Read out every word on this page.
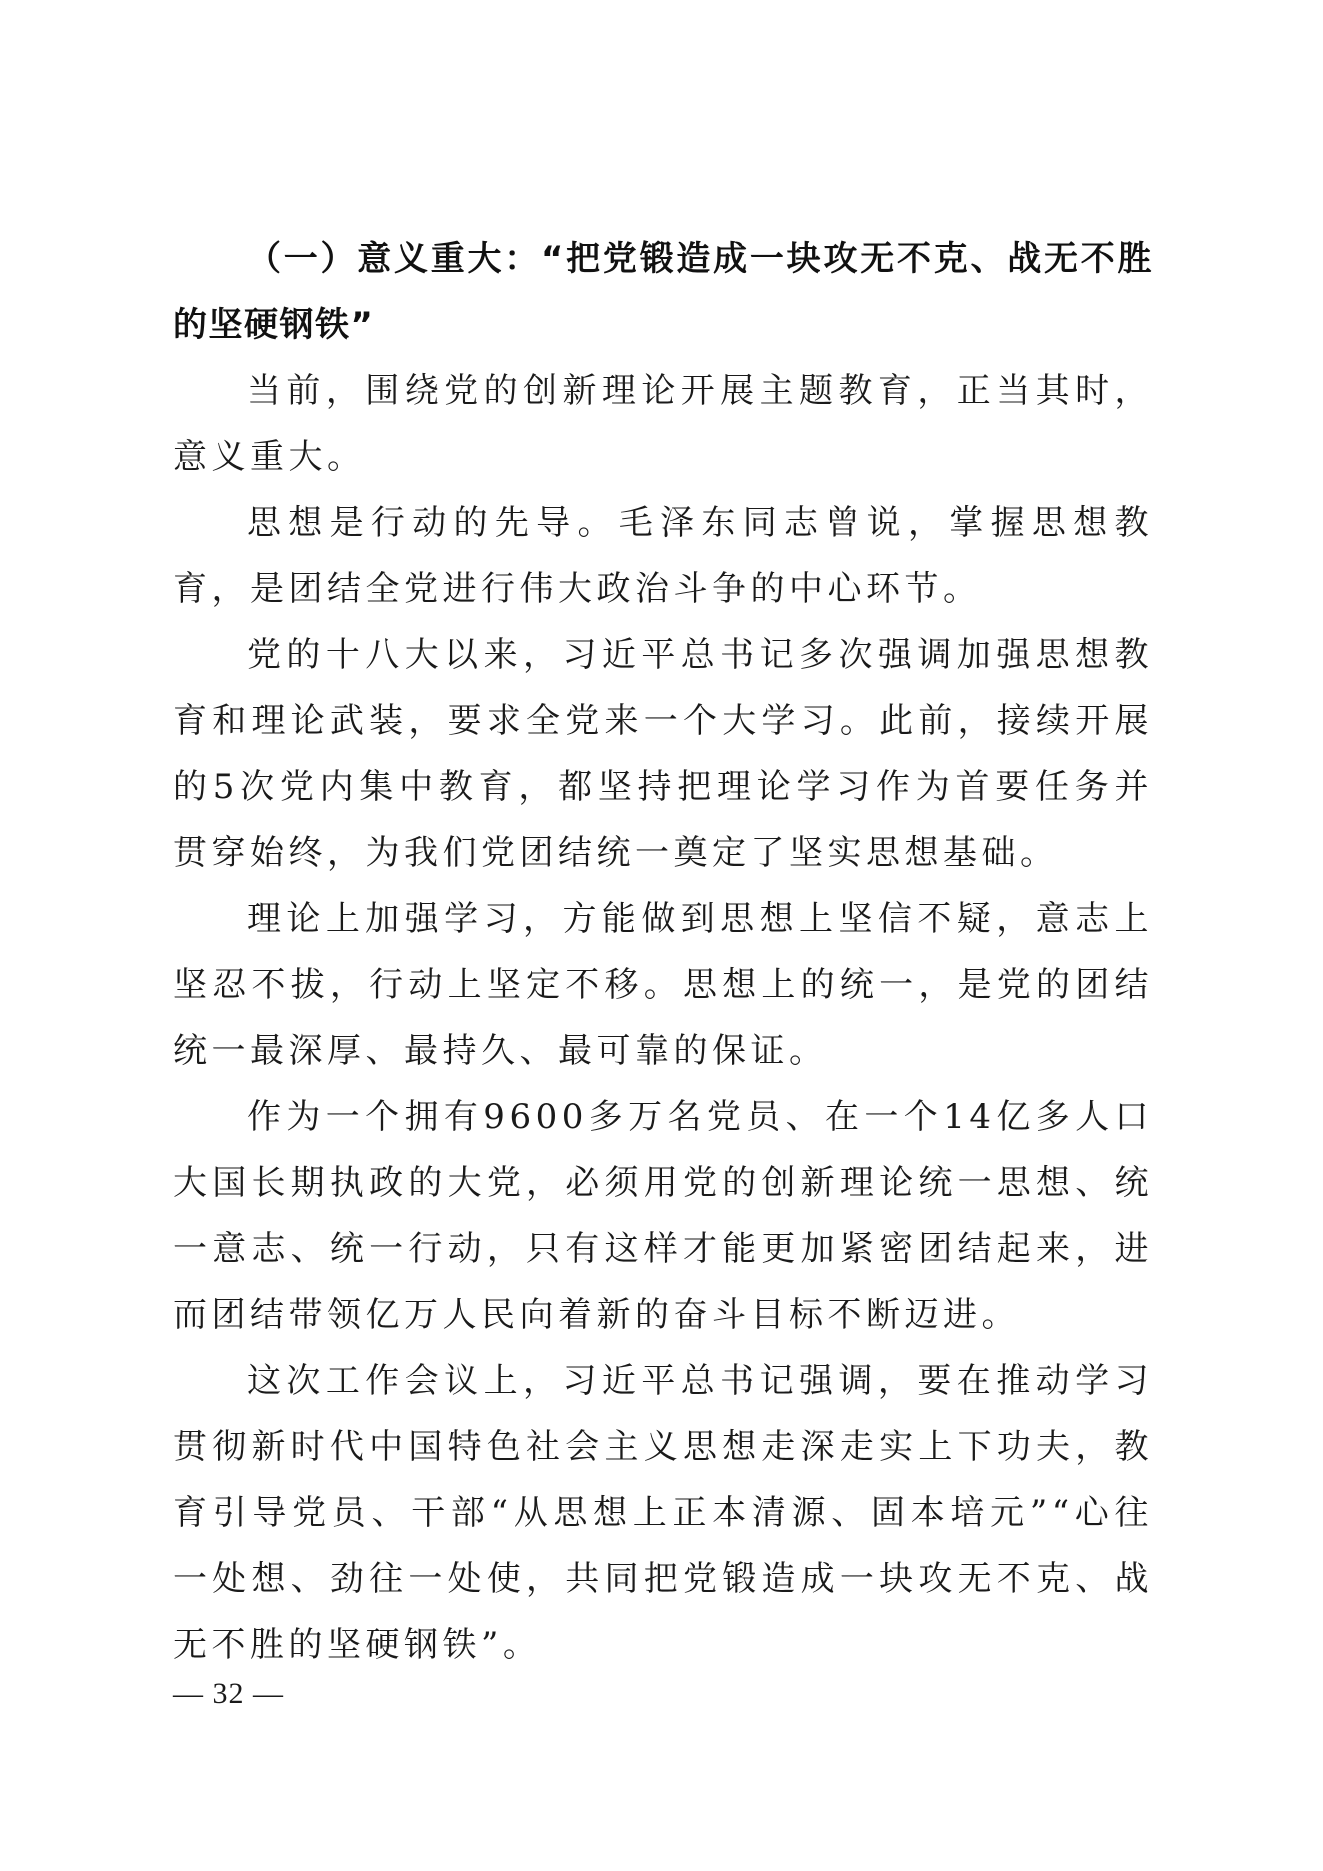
（一）意义重大：“把党锻造成一块攻无不克、战无不胜的坚硬钢铁”

当前，围绕党的创新理论开展主题教育，正当其时，意义重大。

思想是行动的先导。毛泽东同志曾说，掌握思想教育，是团结全党进行伟大政治斗争的中心环节。

党的十八大以来，习近平总书记多次强调加强思想教育和理论武装，要求全党来一个大学习。此前，接续开展的5次党内集中教育，都坚持把理论学习作为首要任务并贯穿始终，为我们党团结统一奠定了坚实思想基础。

理论上加强学习，方能做到思想上坚信不疑，意志上坚忍不拔，行动上坚定不移。思想上的统一，是党的团结统一最深厚、最持久、最可靠的保证。

作为一个拥有9600多万名党员、在一个14亿多人口大国长期执政的大党，必须用党的创新理论统一思想、统一意志、统一行动，只有这样才能更加紧密团结起来，进而团结带领亿万人民向着新的奋斗目标不断迈进。

这次工作会议上，习近平总书记强调，要在推动学习贯彻新时代中国特色社会主义思想走深走实上下功夫，教育引导党员、干部“从思想上正本清源、固本培元”“心往一处想、劲往一处使，共同把党锻造成一块攻无不克、战无不胜的坚硬钢铁”。

— 32 —
